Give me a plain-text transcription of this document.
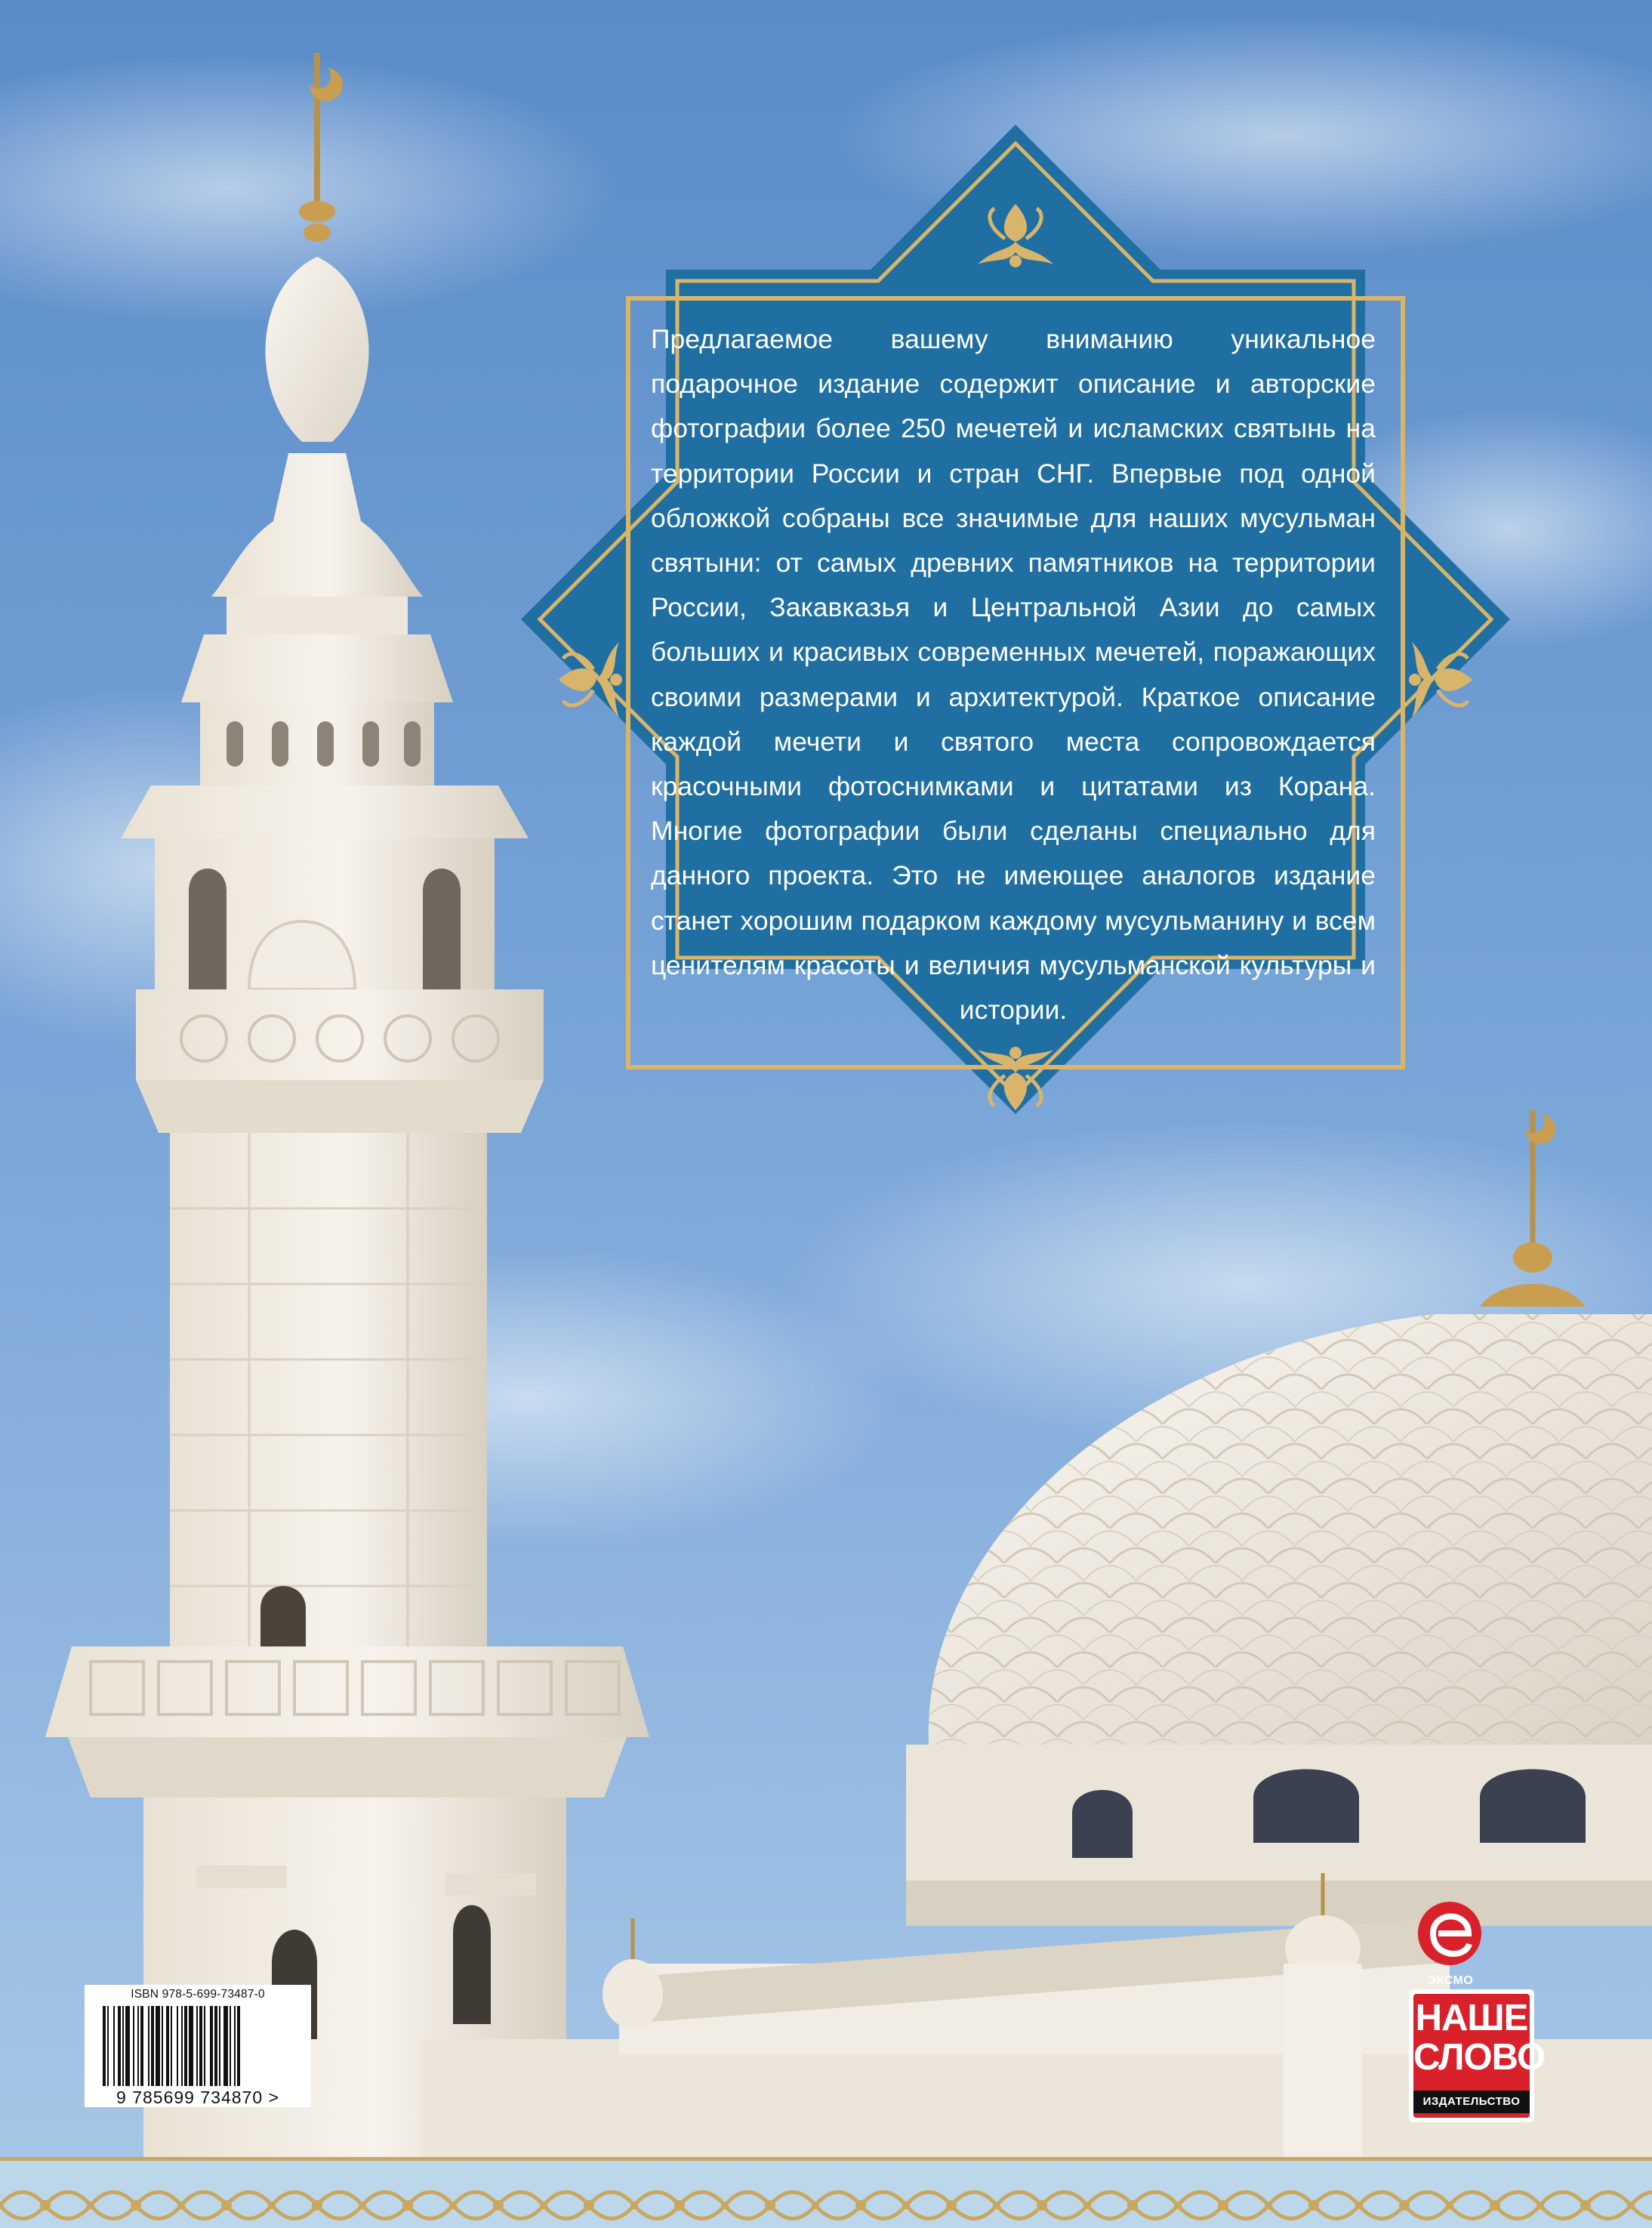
Предлагаемое вашему вниманию уникальное подарочное издание содержит описание и авторские фотографии более 250 мечетей и исламских святынь на территории России и стран СНГ. Впервые под одной обложкой собраны все значимые для наших мусульман святыни: от самых древних памятников на территории России, Закавказья и Центральной Азии до самых больших и красивых современных мечетей, поражающих своими размерами и архитектурой. Краткое описание каждой мечети и святого места сопровождается красочными фотоснимками и цитатами из Корана. Многие фотографии были сделаны специально для данного проекта. Это не имеющее аналогов издание станет хорошим подарком каждому мусульманину и всем ценителям красоты и величия мусульманской культуры и истории.

ISBN 978-5-699-73487-0
9 785699 734870 >
ЭКСМО
НАШЕ
СЛОВО
ИЗДАТЕЛЬСТВО
